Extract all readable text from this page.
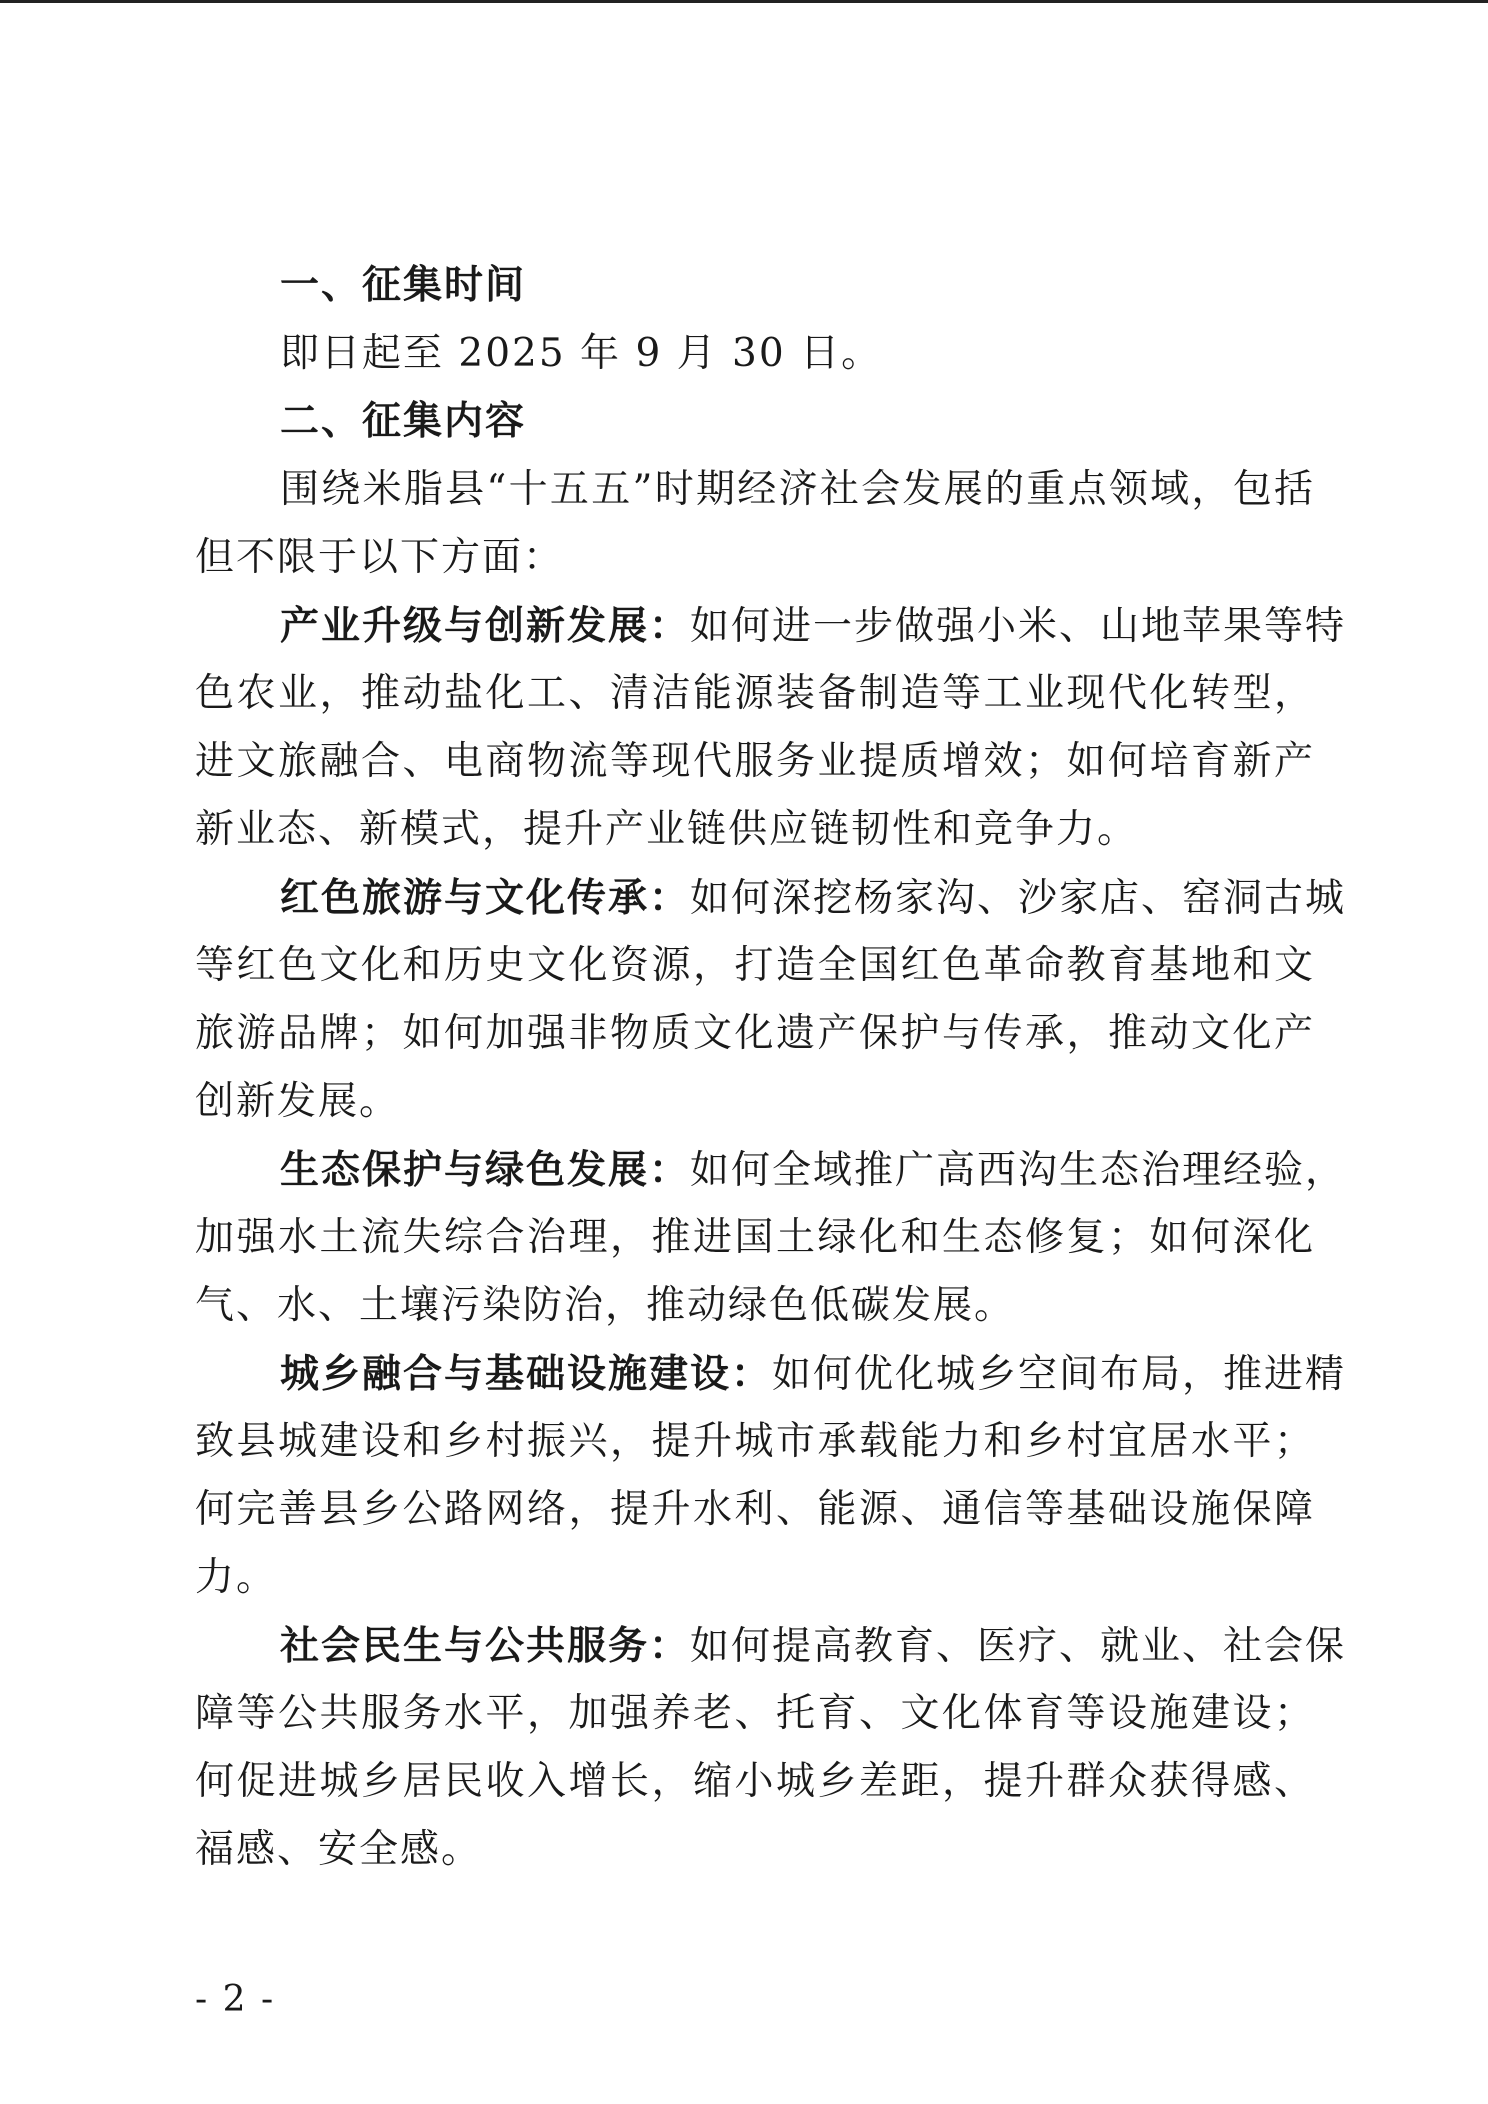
一、征集时间
即日起至 2025 年 9 月 30 日。
二、征集内容
围绕米脂县“十五五”时期经济社会发展的重点领域，包括
但不限于以下方面：
产业升级与创新发展：如何进一步做强小米、山地苹果等特
色农业，推动盐化工、清洁能源装备制造等工业现代化转型，
进文旅融合、电商物流等现代服务业提质增效；如何培育新产
新业态、新模式，提升产业链供应链韧性和竞争力。
红色旅游与文化传承：如何深挖杨家沟、沙家店、窑洞古城
等红色文化和历史文化资源，打造全国红色革命教育基地和文
旅游品牌；如何加强非物质文化遗产保护与传承，推动文化产
创新发展。
生态保护与绿色发展：如何全域推广高西沟生态治理经验，
加强水土流失综合治理，推进国土绿化和生态修复；如何深化
气、水、土壤污染防治，推动绿色低碳发展。
城乡融合与基础设施建设：如何优化城乡空间布局，推进精
致县城建设和乡村振兴，提升城市承载能力和乡村宜居水平；
何完善县乡公路网络，提升水利、能源、通信等基础设施保障
力。
社会民生与公共服务：如何提高教育、医疗、就业、社会保
障等公共服务水平，加强养老、托育、文化体育等设施建设；
何促进城乡居民收入增长，缩小城乡差距，提升群众获得感、
福感、安全感。
- 2 -
